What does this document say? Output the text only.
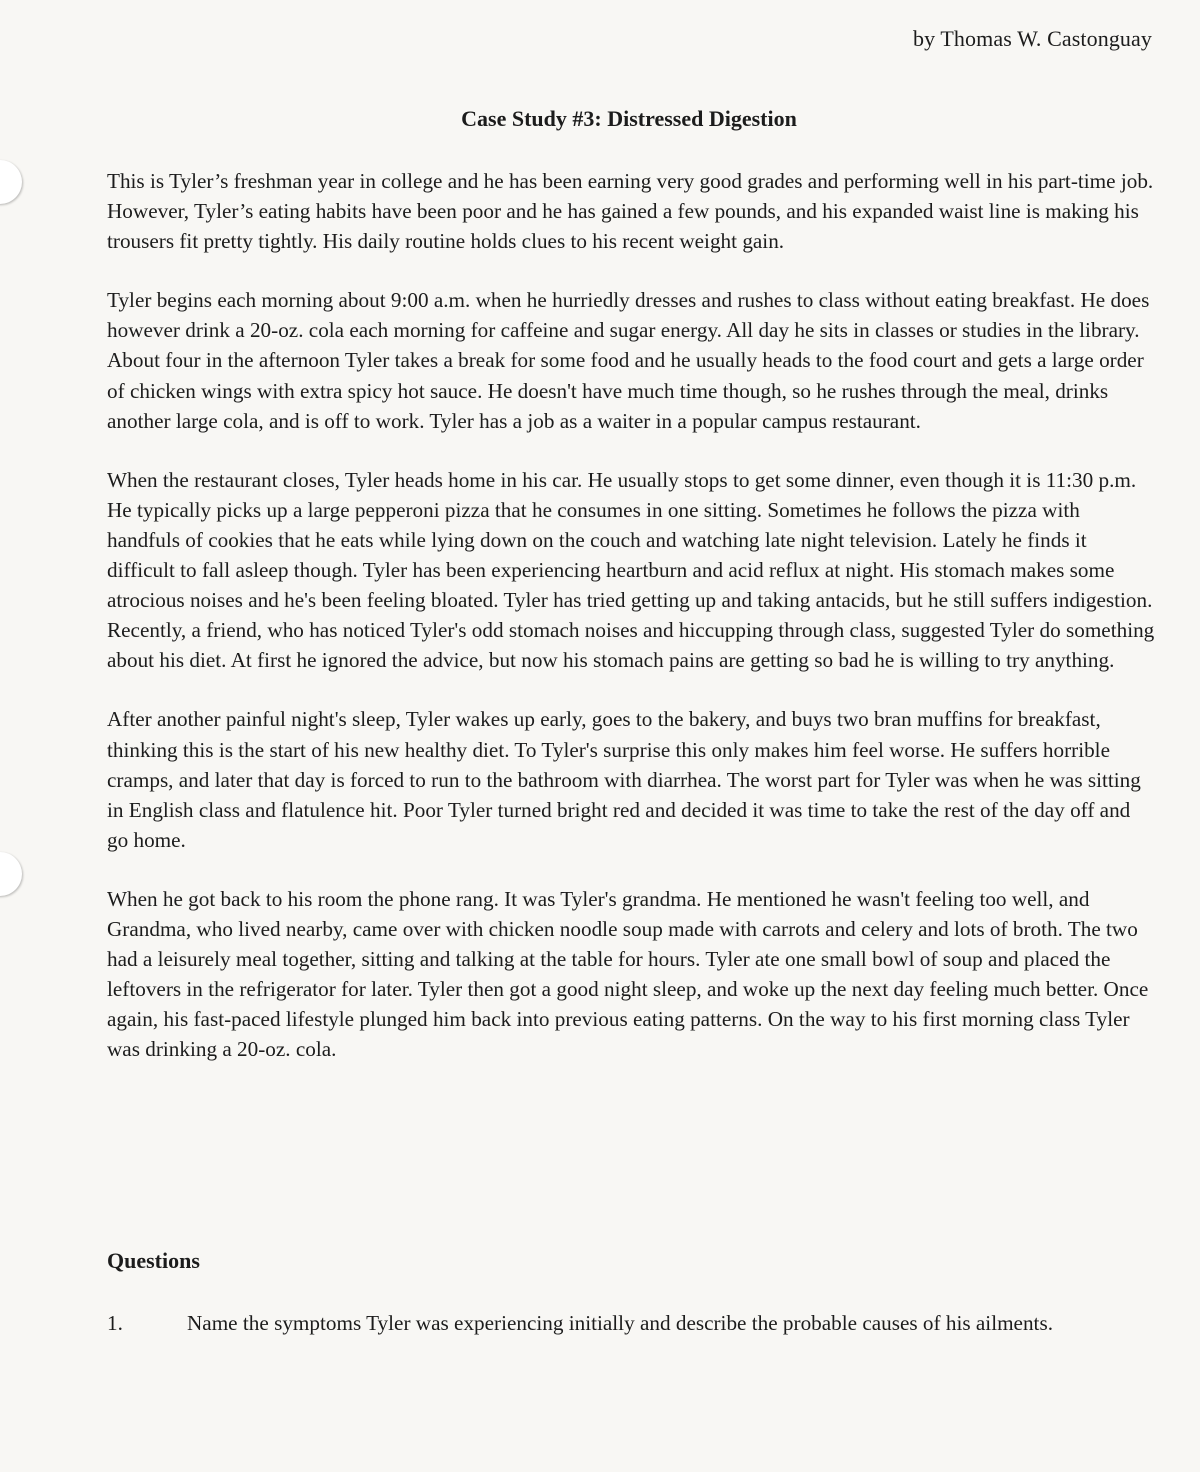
by Thomas W. Castonguay
Case Study #3: Distressed Digestion

This is Tyler’s freshman year in college and he has been earning very good grades and performing well in his part-time job. However, Tyler’s eating habits have been poor and he has gained a few pounds, and his expanded waist line is making his trousers fit pretty tightly. His daily routine holds clues to his recent weight gain.

Tyler begins each morning about 9:00 a.m. when he hurriedly dresses and rushes to class without eating breakfast. He does however drink a 20-oz. cola each morning for caffeine and sugar energy. All day he sits in classes or studies in the library. About four in the afternoon Tyler takes a break for some food and he usually heads to the food court and gets a large order of chicken wings with extra spicy hot sauce. He doesn't have much time though, so he rushes through the meal, drinks another large cola, and is off to work. Tyler has a job as a waiter in a popular campus restaurant.

When the restaurant closes, Tyler heads home in his car. He usually stops to get some dinner, even though it is 11:30 p.m. He typically picks up a large pepperoni pizza that he consumes in one sitting. Sometimes he follows the pizza with handfuls of cookies that he eats while lying down on the couch and watching late night television. Lately he finds it difficult to fall asleep though. Tyler has been experiencing heartburn and acid reflux at night. His stomach makes some atrocious noises and he's been feeling bloated. Tyler has tried getting up and taking antacids, but he still suffers indigestion. Recently, a friend, who has noticed Tyler's odd stomach noises and hiccupping through class, suggested Tyler do something about his diet. At first he ignored the advice, but now his stomach pains are getting so bad he is willing to try anything.

After another painful night's sleep, Tyler wakes up early, goes to the bakery, and buys two bran muffins for breakfast, thinking this is the start of his new healthy diet. To Tyler's surprise this only makes him feel worse. He suffers horrible cramps, and later that day is forced to run to the bathroom with diarrhea. The worst part for Tyler was when he was sitting in English class and flatulence hit. Poor Tyler turned bright red and decided it was time to take the rest of the day off and go home.

When he got back to his room the phone rang. It was Tyler's grandma. He mentioned he wasn't feeling too well, and Grandma, who lived nearby, came over with chicken noodle soup made with carrots and celery and lots of broth. The two had a leisurely meal together, sitting and talking at the table for hours. Tyler ate one small bowl of soup and placed the leftovers in the refrigerator for later. Tyler then got a good night sleep, and woke up the next day feeling much better. Once again, his fast-paced lifestyle plunged him back into previous eating patterns. On the way to his first morning class Tyler was drinking a 20-oz. cola.

Questions
1.	Name the symptoms Tyler was experiencing initially and describe the probable causes of his ailments.
